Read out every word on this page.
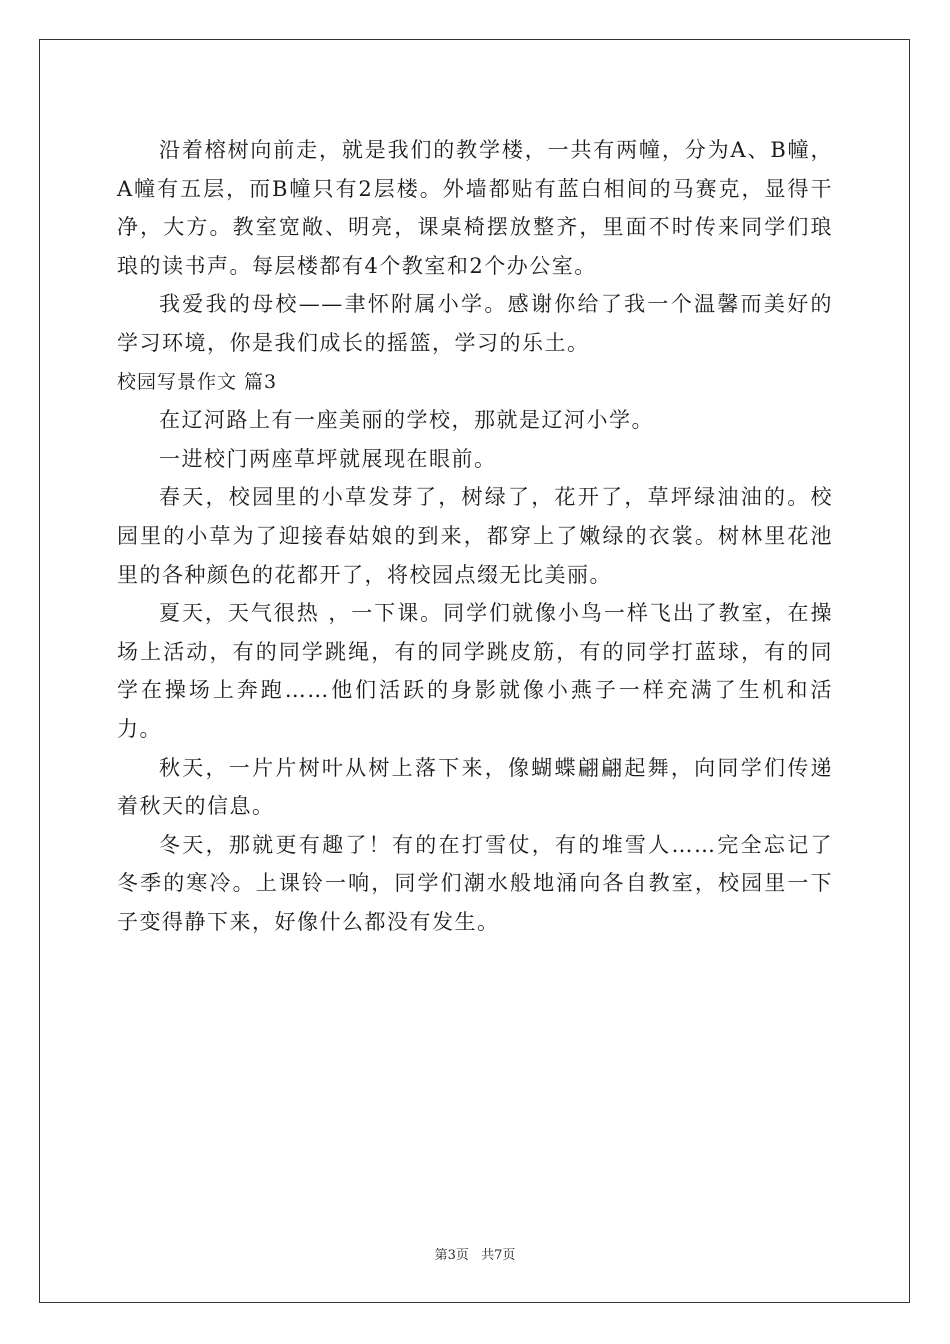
沿着榕树向前走，就是我们的教学楼，一共有两幢，分为A、B幢，A幢有五层，而B幢只有2层楼。外墙都贴有蓝白相间的马赛克，显得干净，大方。教室宽敞、明亮，课桌椅摆放整齐，里面不时传来同学们琅琅的读书声。每层楼都有4个教室和2个办公室。

我爱我的母校——聿怀附属小学。感谢你给了我一个温馨而美好的学习环境，你是我们成长的摇篮，学习的乐土。

校园写景作文 篇3

在辽河路上有一座美丽的学校，那就是辽河小学。

一进校门两座草坪就展现在眼前。

春天，校园里的小草发芽了，树绿了，花开了，草坪绿油油的。校园里的小草为了迎接春姑娘的到来，都穿上了嫩绿的衣裳。树林里花池里的各种颜色的花都开了，将校园点缀无比美丽。

夏天，天气很热 ，一下课。同学们就像小鸟一样飞出了教室，在操场上活动，有的同学跳绳，有的同学跳皮筋，有的同学打蓝球，有的同学在操场上奔跑……他们活跃的身影就像小燕子一样充满了生机和活力。

秋天，一片片树叶从树上落下来，像蝴蝶翩翩起舞，向同学们传递着秋天的信息。

冬天，那就更有趣了！有的在打雪仗，有的堆雪人……完全忘记了冬季的寒冷。上课铃一响，同学们潮水般地涌向各自教室，校园里一下子变得静下来，好像什么都没有发生。

第3页 共7页
